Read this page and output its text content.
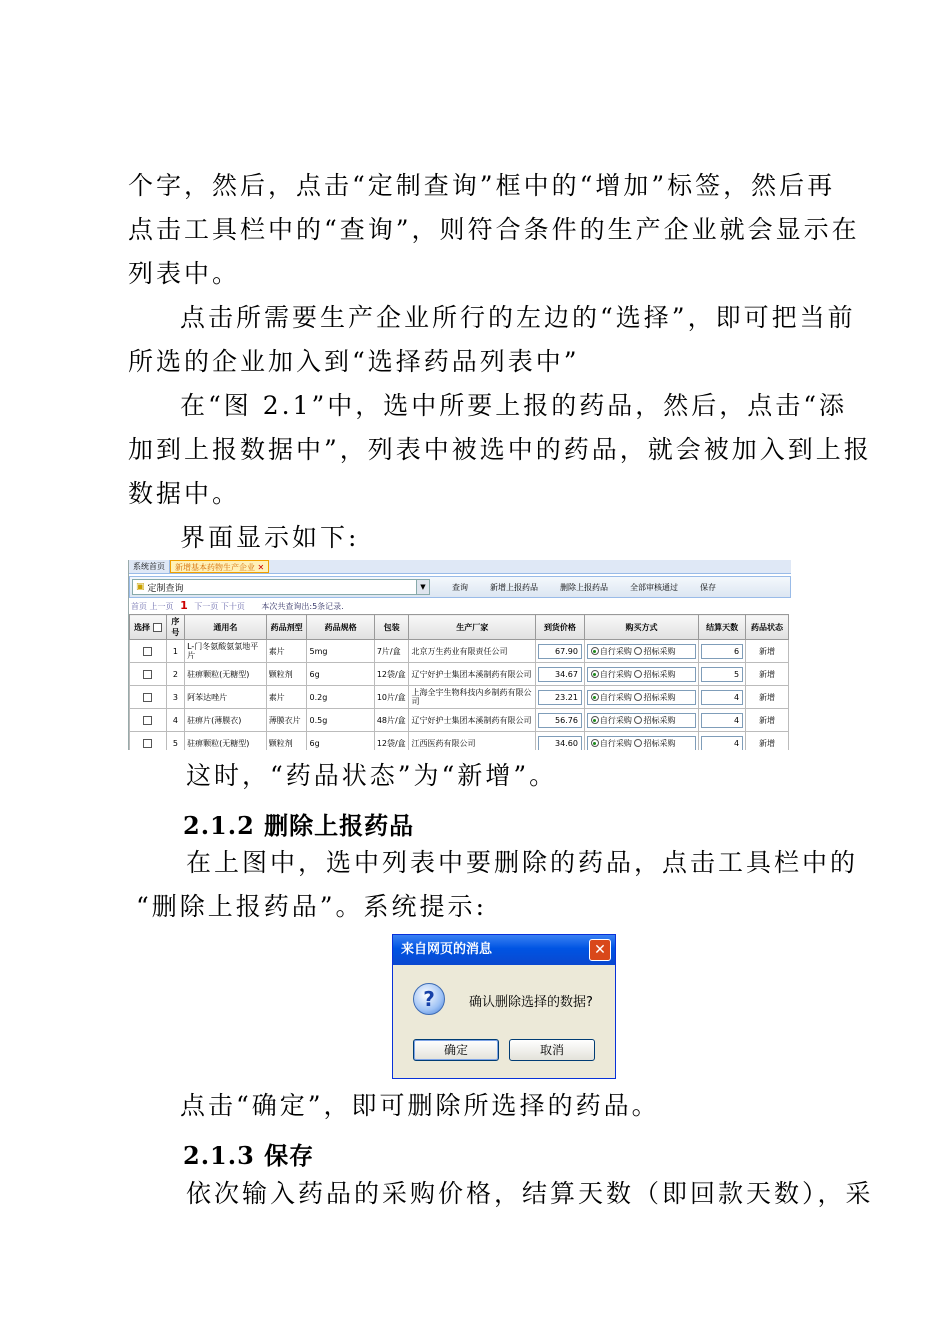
个字，然后，点击“定制查询”框中的“增加”标签，然后再
点击工具栏中的“查询”，则符合条件的生产企业就会显示在
列表中。
点击所需要生产企业所行的左边的“选择”，即可把当前
所选的企业加入到“选择药品列表中”
在“图 2.1”中，选中所要上报的药品，然后，点击“添
加到上报数据中”，列表中被选中的药品，就会被加入到上报
数据中。
界面显示如下:
系统首页	新增基本药物生产企业 ✕
▣ 定制查询	▼	查询	新增上报药品	删除上报药品	全部审核通过	保存
首页 上一页 1 下一页 下十页 本次共查询出:5条记录.
选择	序号	通用名	药品剂型	药品规格	包装	生产厂家	到货价格	购买方式	结算天数	药品状态
	1	L-门冬氨酸氨氯地平片	素片	5mg	7片/盒	北京万生药业有限责任公司	67.90	自行采购 招标采购	6	新增
	2	驻痹颗粒(无糖型)	颗粒剂	6g	12袋/盒	辽宁好护士集团本溪制药有限公司	34.67	自行采购 招标采购	5	新增
	3	阿苯达唑片	素片	0.2g	10片/盒	上海全宇生物科技内乡制药有限公司	23.21	自行采购 招标采购	4	新增
	4	驻痹片(薄膜衣)	薄膜衣片	0.5g	48片/盒	辽宁好护士集团本溪制药有限公司	56.76	自行采购 招标采购	4	新增
	5	驻痹颗粒(无糖型)	颗粒剂	6g	12袋/盒	江西医药有限公司	34.60	自行采购 招标采购	4	新增
这时，“药品状态”为“新增”。
2.1.2 删除上报药品
在上图中，选中列表中要删除的药品，点击工具栏中的
“删除上报药品”。系统提示:
来自网页的消息	✕
?	确认删除选择的数据?
确定	取消
点击“确定”，即可删除所选择的药品。
2.1.3 保存
依次输入药品的采购价格，结算天数（即回款天数），采
